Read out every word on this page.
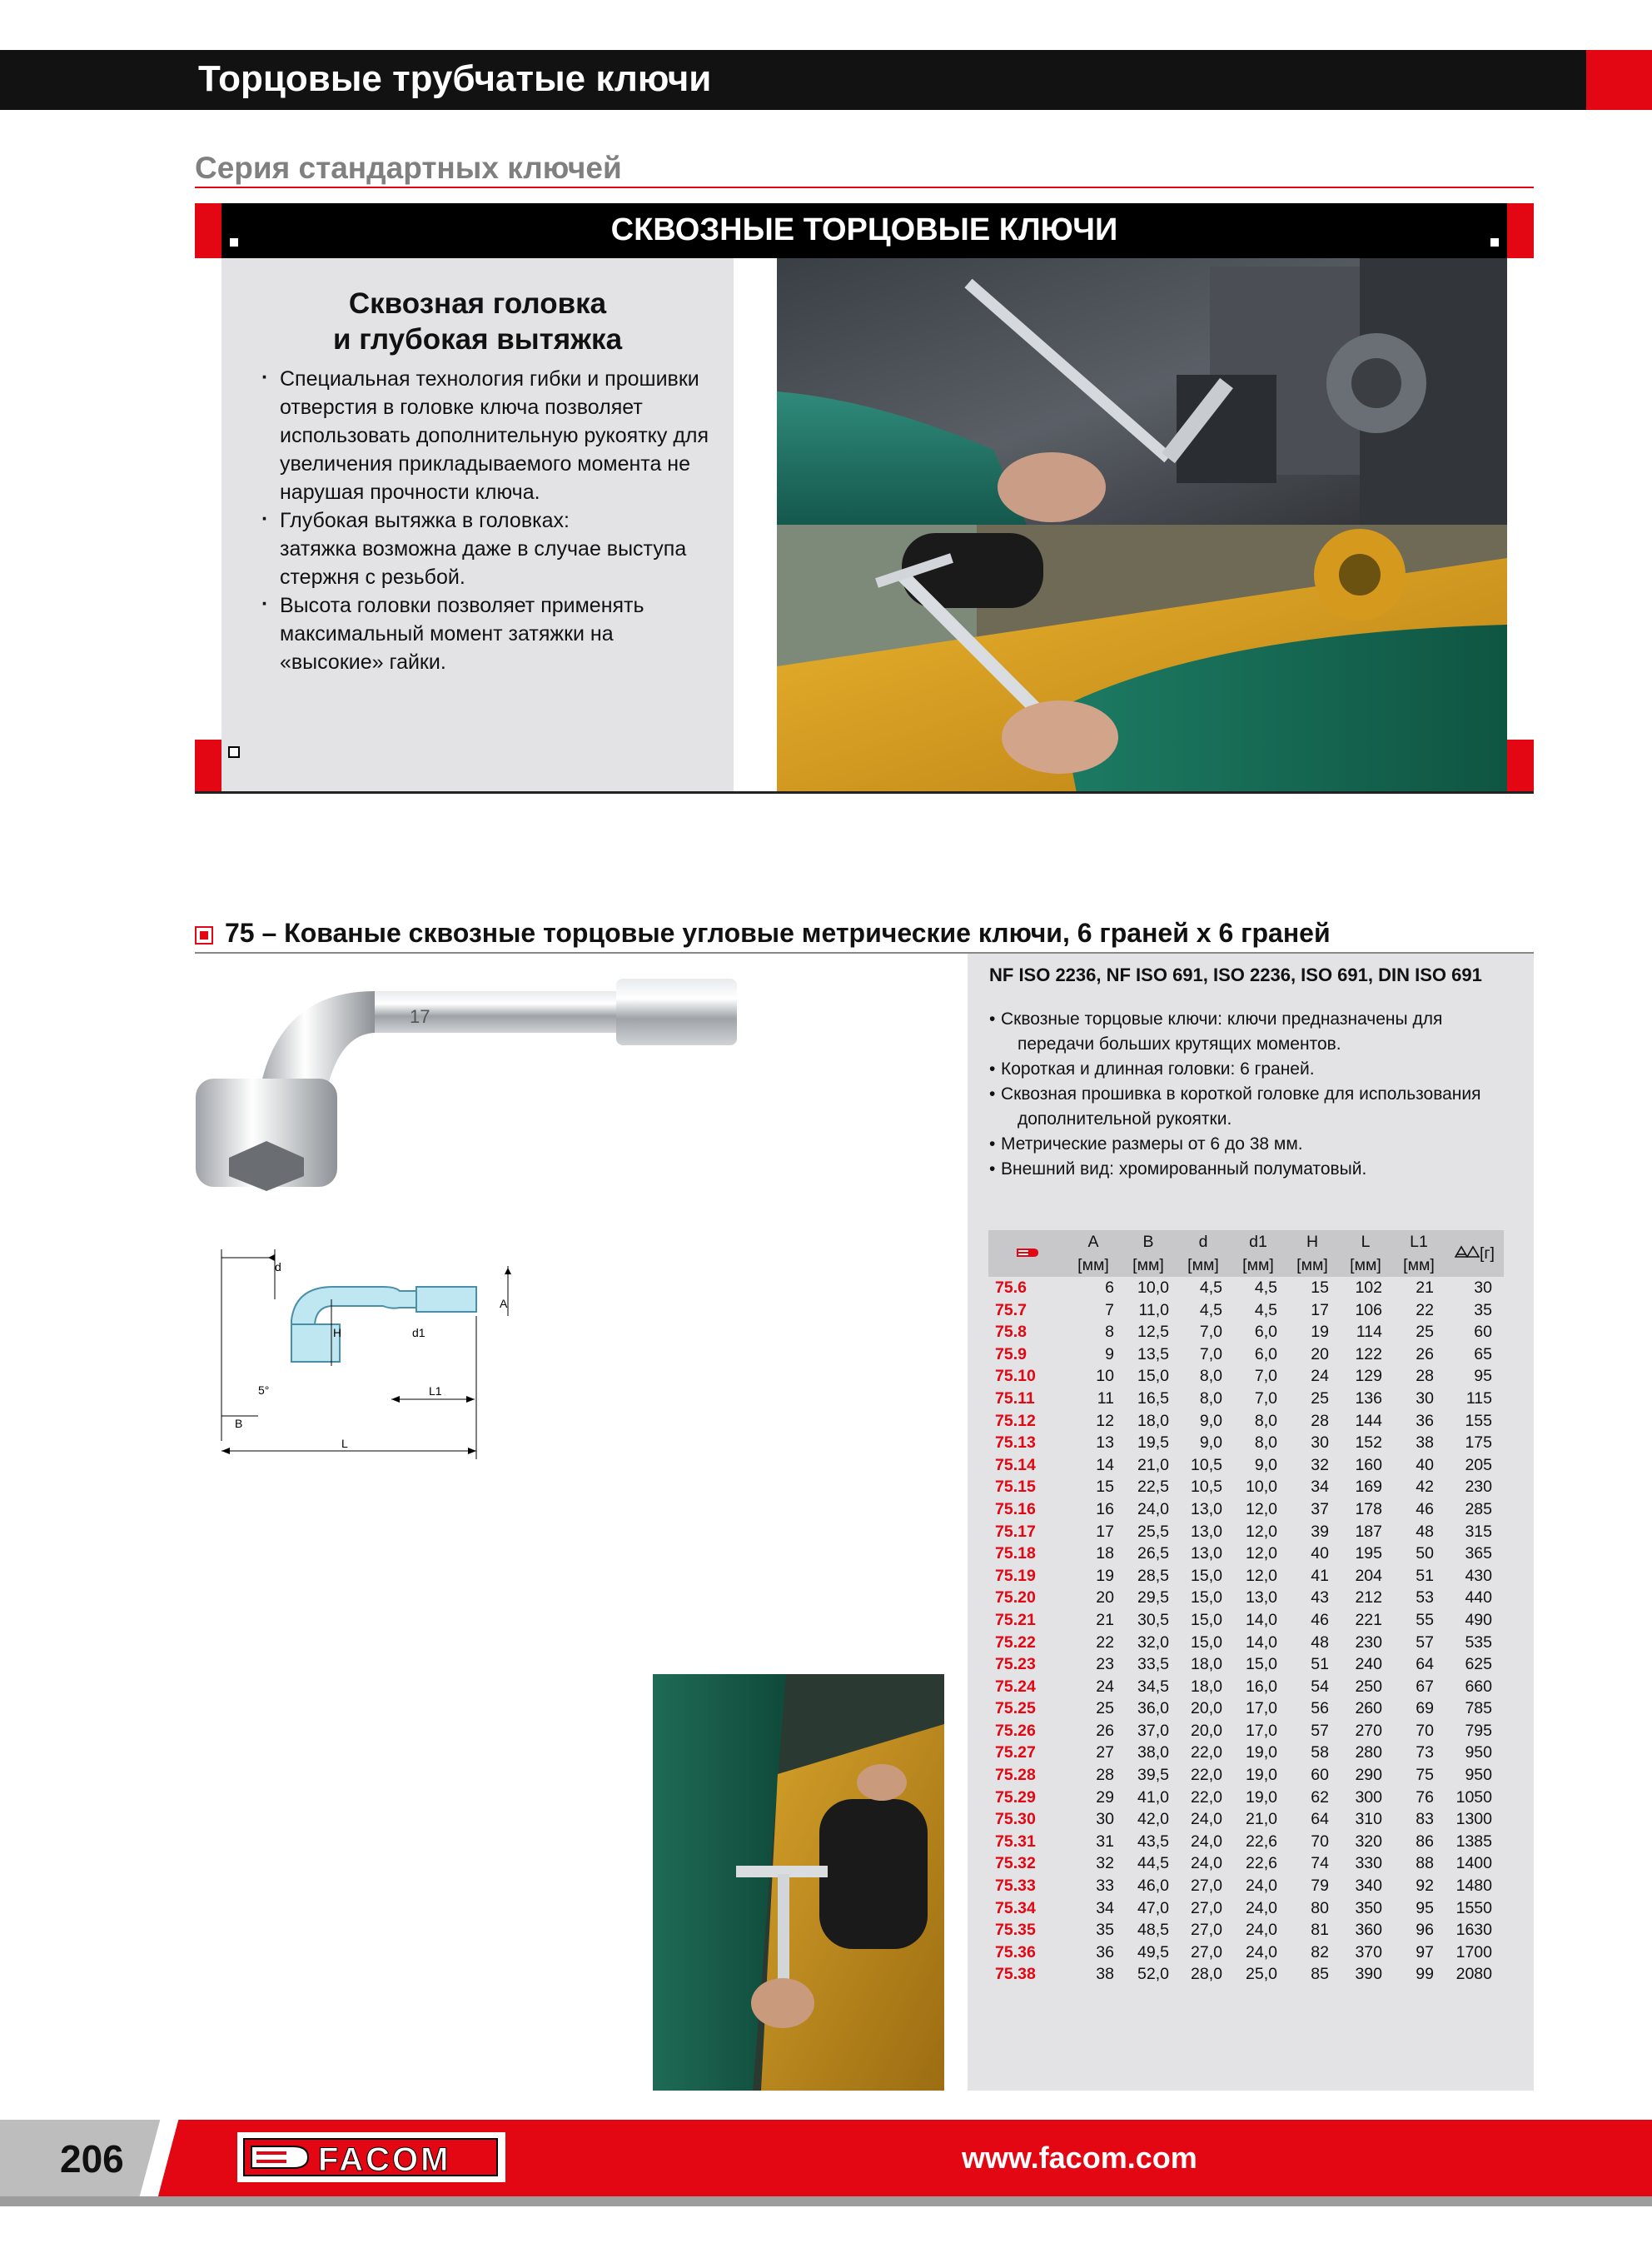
Торцовые трубчатые ключи
Серия стандартных ключей
СКВОЗНЫЕ ТОРЦОВЫЕ КЛЮЧИ
Сквозная головка
и глубокая вытяжка
· Специальная технология гибки и прошивки
отверстия в головке ключа позволяет
использовать дополнительную рукоятку для
увеличения прикладываемого момента не
нарушая прочности ключа.
· Глубокая вытяжка в головках:
затяжка возможна даже в случае выступа
стержня с резьбой.
· Высота головки позволяет применять
максимальный момент затяжки на
«высокие» гайки.
75 – Кованые сквозные торцовые угловые метрические ключи, 6 граней х 6 граней
17
d
A
H	d1
L1
5°
B
L
NF ISO 2236, NF ISO 691, ISO 2236, ISO 691, DIN ISO 691
• Сквозные торцовые ключи: ключи предназначены для
передачи больших крутящих моментов.
• Короткая и длинная головки: 6 граней.
• Сквозная прошивка в короткой головке для использования
дополнительной рукоятки.
• Метрические размеры от 6 до 38 мм.
• Внешний вид: хромированный полуматовый.
	A	B	d	d1	H	L	L1	[г]
	[мм]	[мм]	[мм]	[мм]	[мм]	[мм]	[мм]	
75.6	6	10,0	4,5	4,5	15	102	21	30
75.7	7	11,0	4,5	4,5	17	106	22	35
75.8	8	12,5	7,0	6,0	19	114	25	60
75.9	9	13,5	7,0	6,0	20	122	26	65
75.10	10	15,0	8,0	7,0	24	129	28	95
75.11	11	16,5	8,0	7,0	25	136	30	115
75.12	12	18,0	9,0	8,0	28	144	36	155
75.13	13	19,5	9,0	8,0	30	152	38	175
75.14	14	21,0	10,5	9,0	32	160	40	205
75.15	15	22,5	10,5	10,0	34	169	42	230
75.16	16	24,0	13,0	12,0	37	178	46	285
75.17	17	25,5	13,0	12,0	39	187	48	315
75.18	18	26,5	13,0	12,0	40	195	50	365
75.19	19	28,5	15,0	12,0	41	204	51	430
75.20	20	29,5	15,0	13,0	43	212	53	440
75.21	21	30,5	15,0	14,0	46	221	55	490
75.22	22	32,0	15,0	14,0	48	230	57	535
75.23	23	33,5	18,0	15,0	51	240	64	625
75.24	24	34,5	18,0	16,0	54	250	67	660
75.25	25	36,0	20,0	17,0	56	260	69	785
75.26	26	37,0	20,0	17,0	57	270	70	795
75.27	27	38,0	22,0	19,0	58	280	73	950
75.28	28	39,5	22,0	19,0	60	290	75	950
75.29	29	41,0	22,0	19,0	62	300	76	1050
75.30	30	42,0	24,0	21,0	64	310	83	1300
75.31	31	43,5	24,0	22,6	70	320	86	1385
75.32	32	44,5	24,0	22,6	74	330	88	1400
75.33	33	46,0	27,0	24,0	79	340	92	1480
75.34	34	47,0	27,0	24,0	80	350	95	1550
75.35	35	48,5	27,0	24,0	81	360	96	1630
75.36	36	49,5	27,0	24,0	82	370	97	1700
75.38	38	52,0	28,0	25,0	85	390	99	2080
206	FACOM	www.facom.com
